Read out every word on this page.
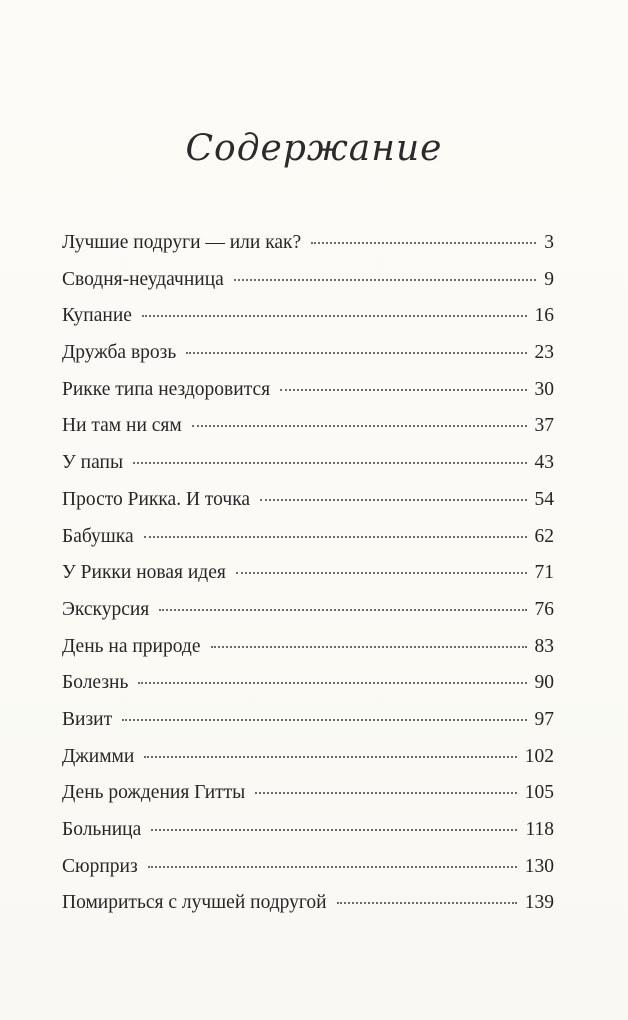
Содержание
Лучшие подруги — или как?	3
Сводня-неудачница	9
Купание	16
Дружба врозь	23
Рикке типа нездоровится	30
Ни там ни сям	37
У папы	43
Просто Рикка. И точка	54
Бабушка	62
У Рикки новая идея	71
Экскурсия	76
День на природе	83
Болезнь	90
Визит	97
Джимми	102
День рождения Гитты	105
Больница	118
Сюрприз	130
Помириться с лучшей подругой	139
